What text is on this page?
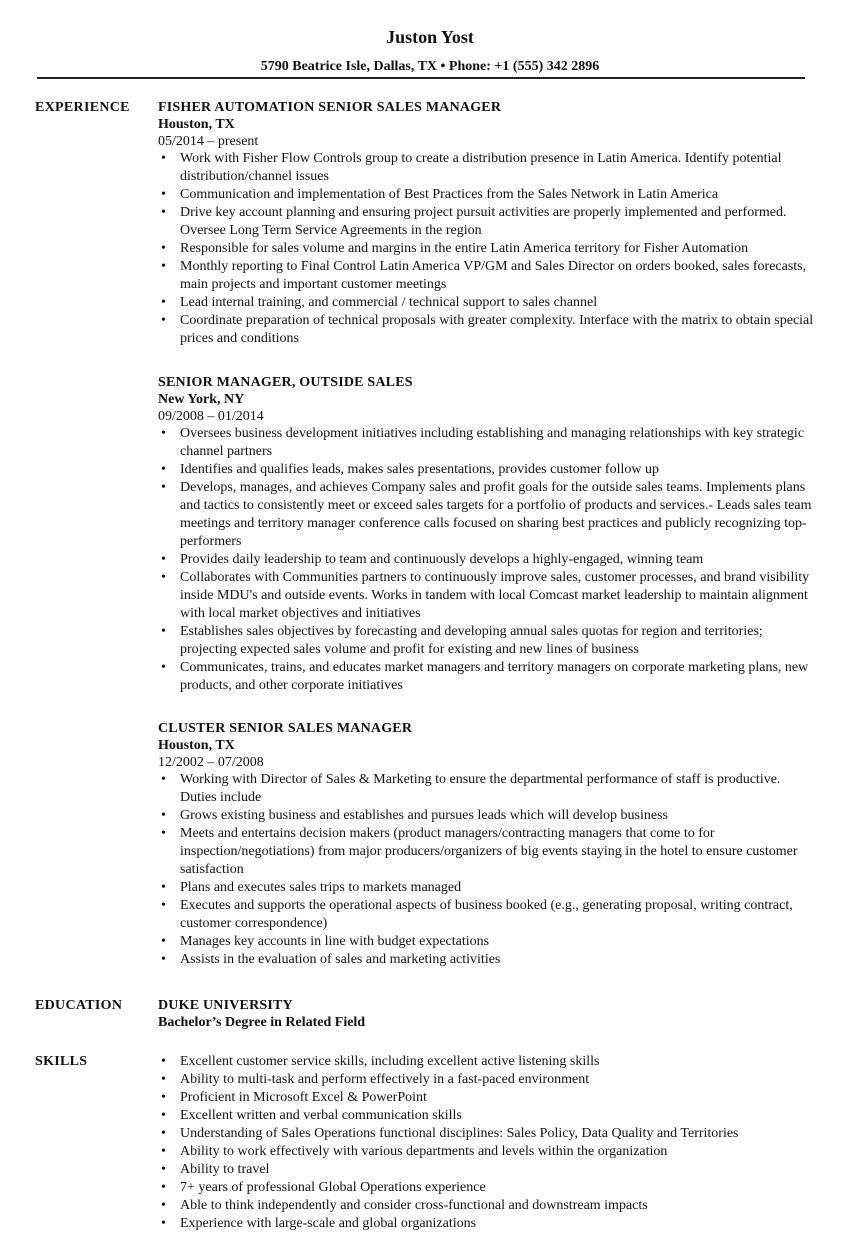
Juston Yost
5790 Beatrice Isle, Dallas, TX • Phone: +1 (555) 342 2896
EXPERIENCE FISHER AUTOMATION SENIOR SALES MANAGER
Houston, TX
05/2014 – present
• Work with Fisher Flow Controls group to create a distribution presence in Latin America. Identify potential distribution/channel issues
• Communication and implementation of Best Practices from the Sales Network in Latin America
• Drive key account planning and ensuring project pursuit activities are properly implemented and performed. Oversee Long Term Service Agreements in the region
• Responsible for sales volume and margins in the entire Latin America territory for Fisher Automation
• Monthly reporting to Final Control Latin America VP/GM and Sales Director on orders booked, sales forecasts, main projects and important customer meetings
• Lead internal training, and commercial / technical support to sales channel
• Coordinate preparation of technical proposals with greater complexity. Interface with the matrix to obtain special prices and conditions
SENIOR MANAGER, OUTSIDE SALES
New York, NY
09/2008 – 01/2014
• Oversees business development initiatives including establishing and managing relationships with key strategic channel partners
• Identifies and qualifies leads, makes sales presentations, provides customer follow up
• Develops, manages, and achieves Company sales and profit goals for the outside sales teams. Implements plans and tactics to consistently meet or exceed sales targets for a portfolio of products and services.- Leads sales team meetings and territory manager conference calls focused on sharing best practices and publicly recognizing top-performers
• Provides daily leadership to team and continuously develops a highly-engaged, winning team
• Collaborates with Communities partners to continuously improve sales, customer processes, and brand visibility inside MDU's and outside events. Works in tandem with local Comcast market leadership to maintain alignment with local market objectives and initiatives
• Establishes sales objectives by forecasting and developing annual sales quotas for region and territories; projecting expected sales volume and profit for existing and new lines of business
• Communicates, trains, and educates market managers and territory managers on corporate marketing plans, new products, and other corporate initiatives
CLUSTER SENIOR SALES MANAGER
Houston, TX
12/2002 – 07/2008
• Working with Director of Sales & Marketing to ensure the departmental performance of staff is productive. Duties include
• Grows existing business and establishes and pursues leads which will develop business
• Meets and entertains decision makers (product managers/contracting managers that come to for inspection/negotiations) from major producers/organizers of big events staying in the hotel to ensure customer satisfaction
• Plans and executes sales trips to markets managed
• Executes and supports the operational aspects of business booked (e.g., generating proposal, writing contract, customer correspondence)
• Manages key accounts in line with budget expectations
• Assists in the evaluation of sales and marketing activities
EDUCATION	DUKE UNIVERSITY
Bachelor’s Degree in Related Field
SKILLS
•	Excellent customer service skills, including excellent active listening skills
• Ability to multi-task and perform effectively in a fast-paced environment
• Proficient in Microsoft Excel & PowerPoint
• Excellent written and verbal communication skills
• Understanding of Sales Operations functional disciplines: Sales Policy, Data Quality and Territories
• Ability to work effectively with various departments and levels within the organization
• Ability to travel
• 7+ years of professional Global Operations experience
• Able to think independently and consider cross-functional and downstream impacts
• Experience with large-scale and global organizations
